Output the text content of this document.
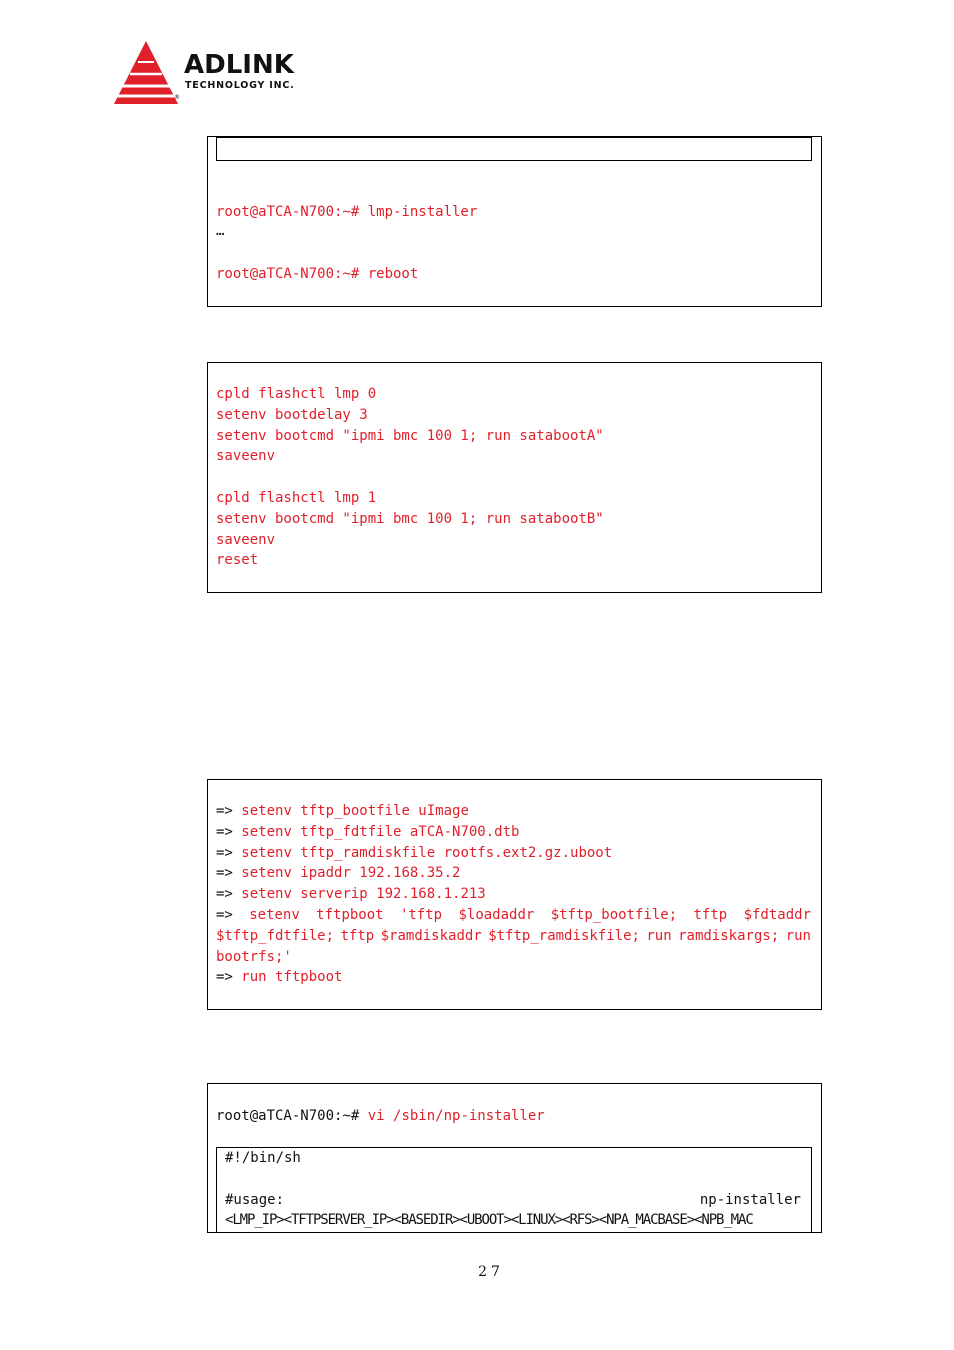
ADLINK
TECHNOLOGY INC.
®
root@aTCA-N700:~# lmp-installer
…
root@aTCA-N700:~# reboot
cpld flashctl lmp 0
setenv bootdelay 3
setenv bootcmd "ipmi bmc 100 1; run satabootA"
saveenv
cpld flashctl lmp 1
setenv bootcmd "ipmi bmc 100 1; run satabootB"
saveenv
reset
=> setenv tftp_bootfile uImage
=> setenv tftp_fdtfile aTCA-N700.dtb
=> setenv tftp_ramdiskfile rootfs.ext2.gz.uboot
=> setenv ipaddr 192.168.35.2
=> setenv serverip 192.168.1.213
=> setenv tftpboot 'tftp $loadaddr $tftp_bootfile; tftp $fdtaddr
$tftp_fdtfile; tftp $ramdiskaddr $tftp_ramdiskfile; run ramdiskargs; run
bootrfs;'
=> run tftpboot
root@aTCA-N700:~# vi /sbin/np-installer
#!/bin/sh
#usage:	np-installer
<LMP_IP><TFTPSERVER_IP><BASEDIR><UBOOT><LINUX><RFS><NPA_MACBASE><NPB_MAC
27
